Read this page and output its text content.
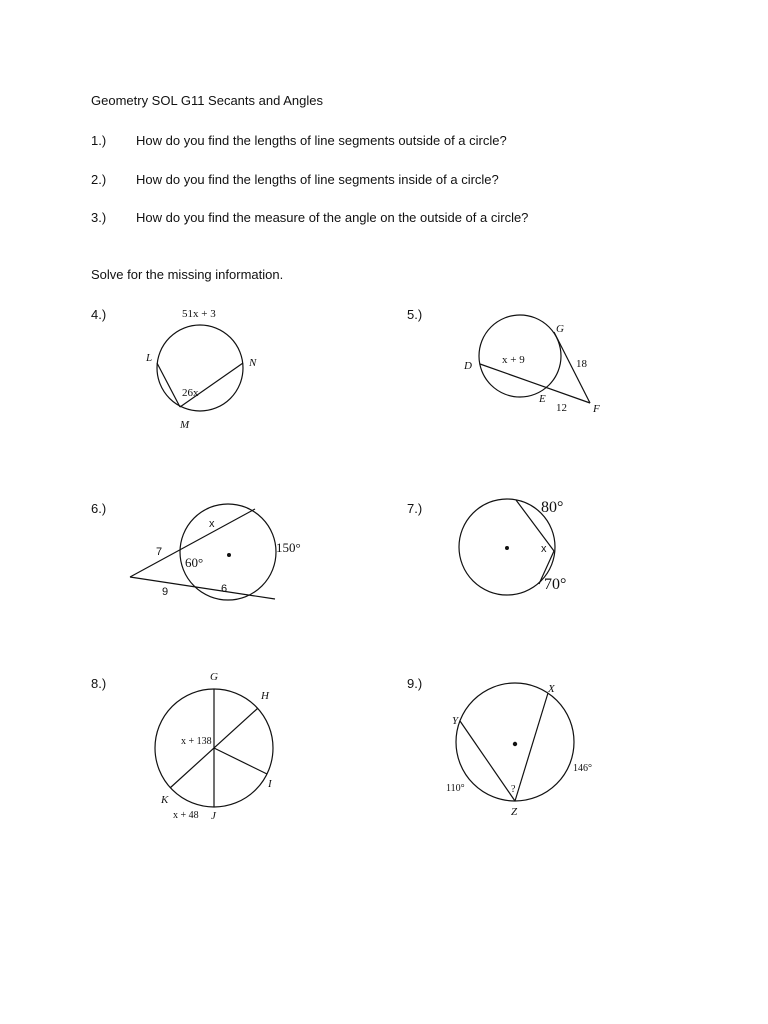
Geometry SOL G11 Secants and Angles
1.) How do you find the lengths of line segments outside of a circle?
2.) How do you find the lengths of line segments inside of a circle?
3.) How do you find the measure of the angle on the outside of a circle?
Solve for the missing information.
4.)	51x + 3
L	N
26x
M
5.)
G
D	x + 9	18
E
12 F
6.)
x
7
60°
150°
9	6
7.)	80°
x
70°
8.)	G
H
x + 138
I
K
x + 48 J
9.)	X
Y
146°
110°	?
Z
